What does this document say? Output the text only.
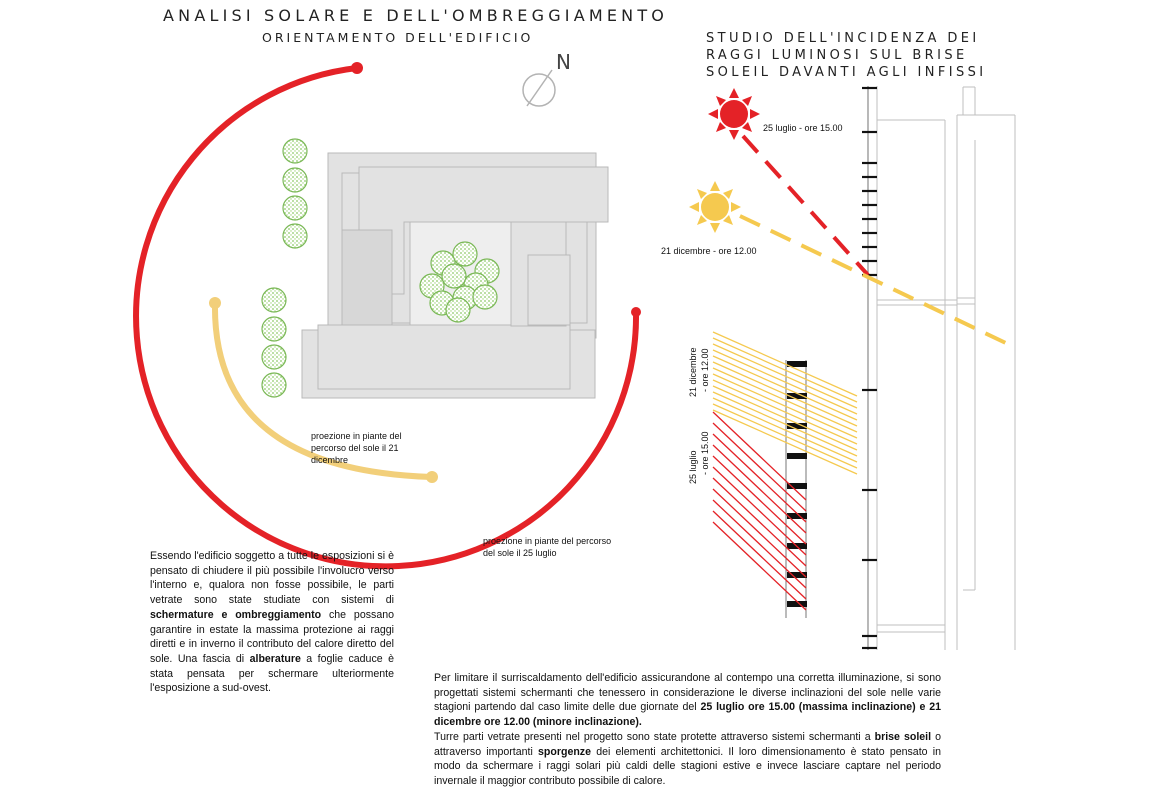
ANALISI SOLARE E DELL'OMBREGGIAMENTO
ORIENTAMENTO DELL'EDIFICIO	STUDIO DELL'INCIDENZA DEI RAGGI LUMINOSI SUL BRISE SOLEIL DAVANTI AGLI INFISSI
N
21 dicembre - ore 12.00
25 luglio - ore 15.00
25 luglio - ore 15.00
21 dicembre - ore 12.00
proezione in piante del percorso del sole il 21 dicembre
proezione in piante del percorso del sole il 25 luglio
Essendo l'edificio soggetto a tutte le esposizioni si è pensato di chiudere il più possibile l'involucro verso l'interno e, qualora non fosse possibile, le parti vetrate sono state studiate con sistemi di schermature e ombreggiamento che possano garantire in estate la massima protezione ai raggi diretti e in inverno il contributo del calore diretto del sole. Una fascia di alberature a foglie caduce è stata pensata per schermare ulteriormente l'esposizione a sud-ovest.
Per limitare il surriscaldamento dell'edificio assicurandone al contempo una corretta illuminazione, si sono progettati sistemi schermanti che tenessero in considerazione le diverse inclinazioni del sole nelle varie stagioni partendo dal caso limite delle due giornate del 25 luglio ore 15.00 (massima inclinazione) e 21 dicembre ore 12.00 (minore inclinazione).
Turre parti vetrate presenti nel progetto sono state protette attraverso sistemi schermanti a brise soleil o attraverso importanti sporgenze dei elementi architettonici. Il loro dimensionamento è stato pensato in modo da schermare i raggi solari più caldi delle stagioni estive e invece lasciare captare nel periodo invernale il maggior contributo possibile di calore.
